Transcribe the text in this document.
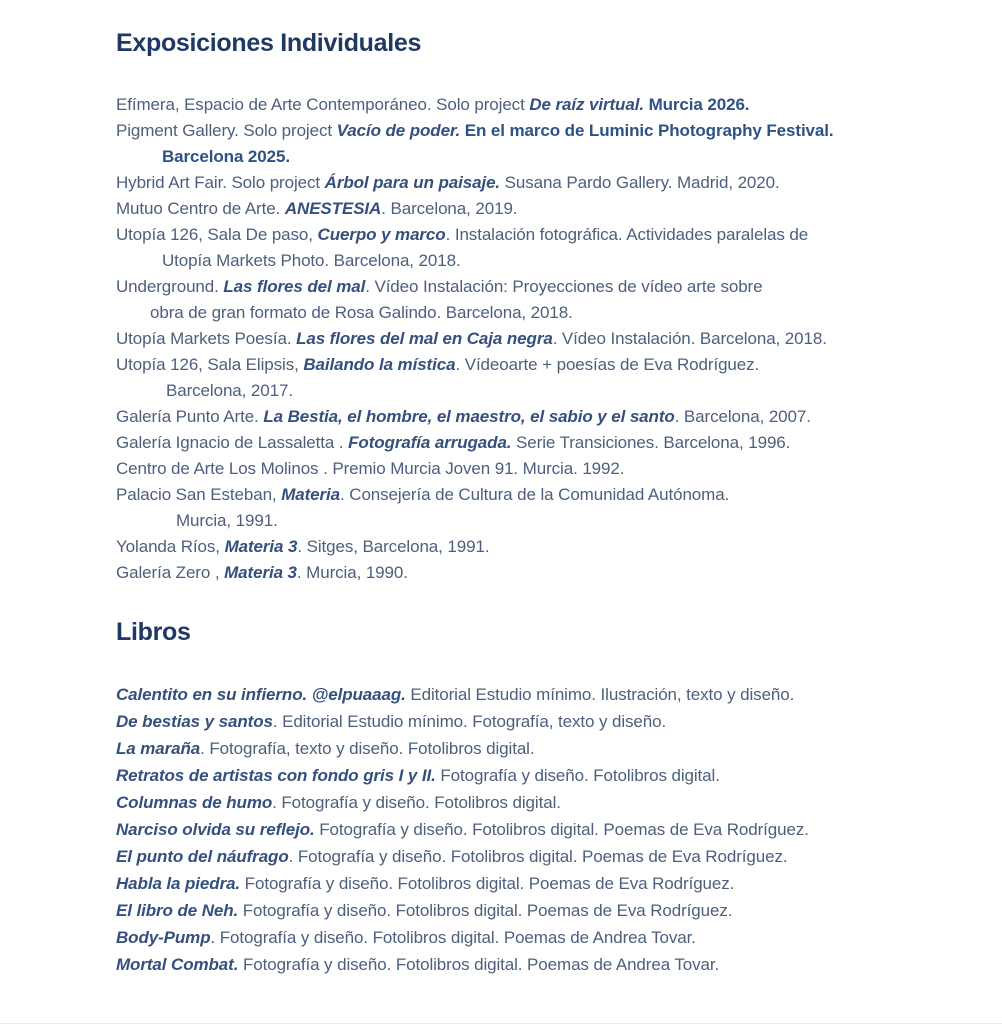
Exposiciones Individuales

Efímera, Espacio de Arte Contemporáneo. Solo project De raíz virtual. Murcia 2026.

Pigment Gallery. Solo project Vacío de poder. En el marco de Luminic Photography Festival.

Barcelona 2025.

Hybrid Art Fair. Solo project Árbol para un paisaje. Susana Pardo Gallery. Madrid, 2020.

Mutuo Centro de Arte. ANESTESIA. Barcelona, 2019.

Utopía 126, Sala De paso, Cuerpo y marco. Instalación fotográfica. Actividades paralelas de

Utopía Markets Photo. Barcelona, 2018.

Underground. Las flores del mal. Vídeo Instalación: Proyecciones de vídeo arte sobre

obra de gran formato de Rosa Galindo. Barcelona, 2018.

Utopía Markets Poesía. Las flores del mal en Caja negra. Vídeo Instalación. Barcelona, 2018.

Utopía 126, Sala Elipsis, Bailando la mística. Vídeoarte + poesías de Eva Rodríguez.

Barcelona, 2017.

Galería Punto Arte. La Bestia, el hombre, el maestro, el sabio y el santo. Barcelona, 2007.

Galería Ignacio de Lassaletta . Fotografía arrugada. Serie Transiciones. Barcelona, 1996.

Centro de Arte Los Molinos . Premio Murcia Joven 91. Murcia. 1992.

Palacio San Esteban, Materia. Consejería de Cultura de la Comunidad Autónoma.

Murcia, 1991.

Yolanda Ríos, Materia 3. Sitges, Barcelona, 1991.

Galería Zero , Materia 3. Murcia, 1990.

Libros

Calentito en su infierno. @elpuaaag. Editorial Estudio mínimo. Ilustración, texto y diseño.

De bestias y santos. Editorial Estudio mínimo. Fotografía, texto y diseño.

La maraña. Fotografía, texto y diseño. Fotolibros digital.

Retratos de artistas con fondo gris I y II. Fotografía y diseño. Fotolibros digital.

Columnas de humo. Fotografía y diseño. Fotolibros digital.

Narciso olvida su reflejo. Fotografía y diseño. Fotolibros digital. Poemas de Eva Rodríguez.

El punto del náufrago. Fotografía y diseño. Fotolibros digital. Poemas de Eva Rodríguez.

Habla la piedra. Fotografía y diseño. Fotolibros digital. Poemas de Eva Rodríguez.

El libro de Neh. Fotografía y diseño. Fotolibros digital. Poemas de Eva Rodríguez.

Body-Pump. Fotografía y diseño. Fotolibros digital. Poemas de Andrea Tovar.

Mortal Combat. Fotografía y diseño. Fotolibros digital. Poemas de Andrea Tovar.
